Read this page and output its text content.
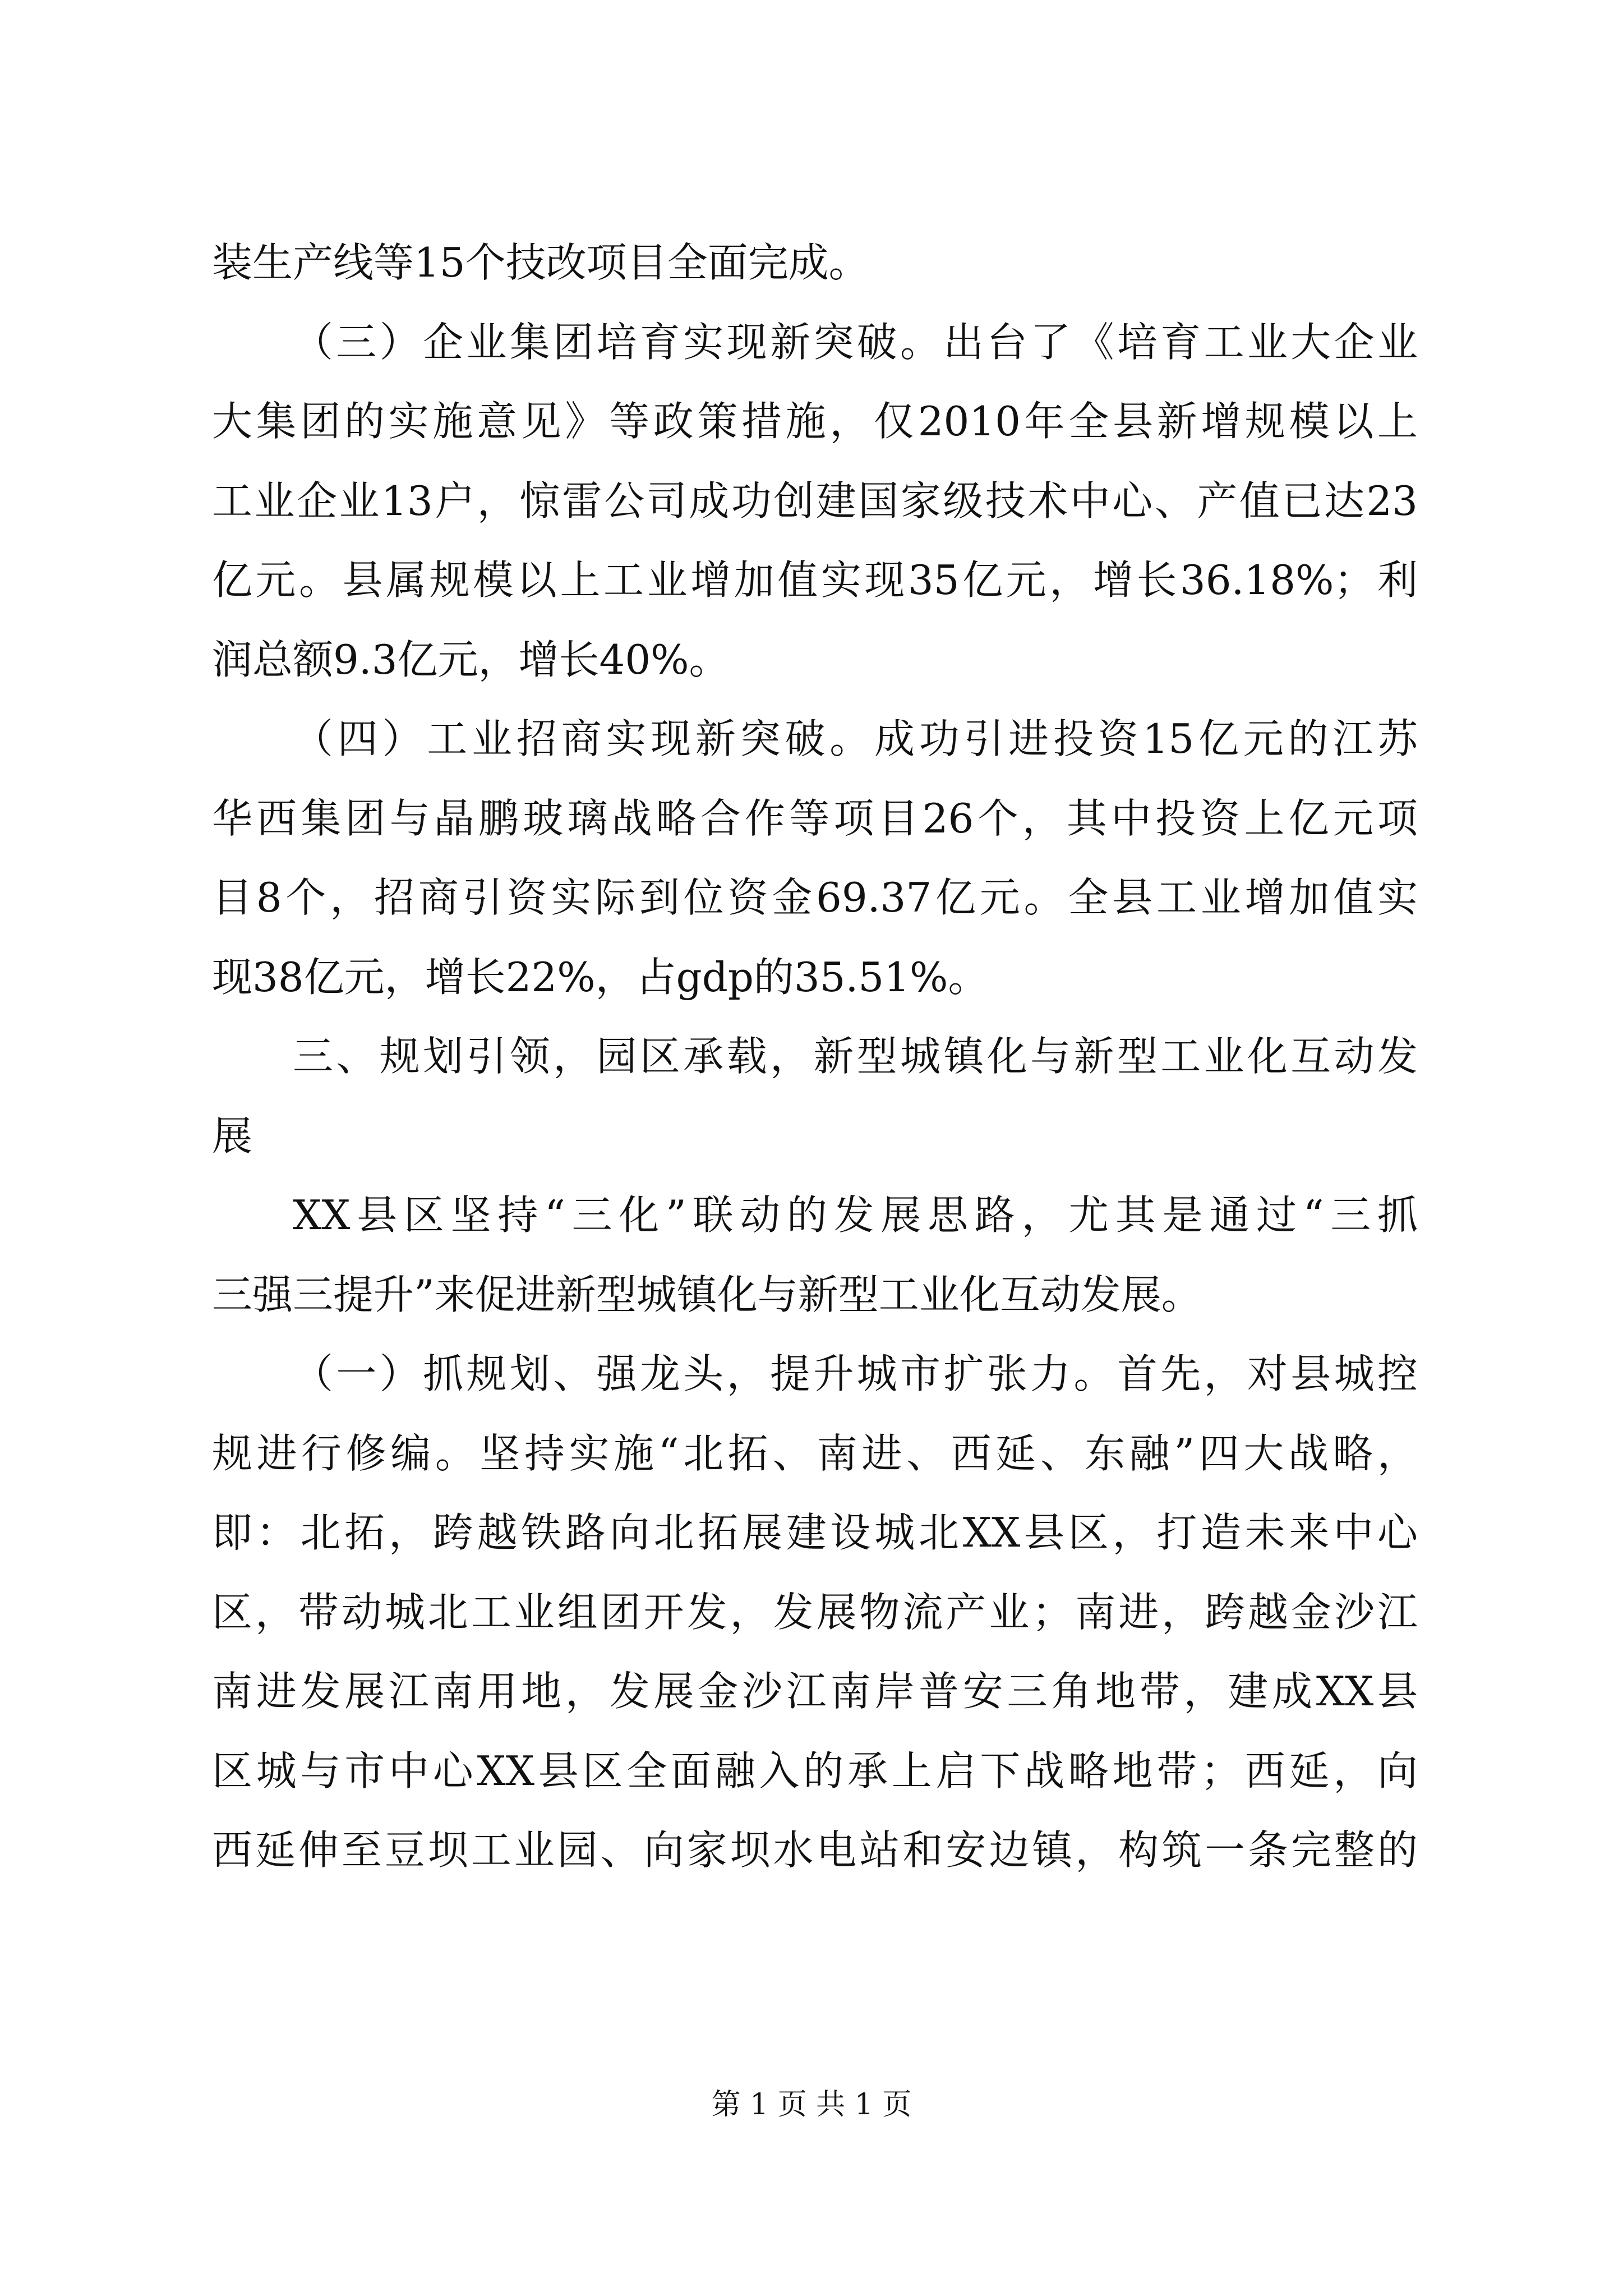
装生产线等15个技改项目全面完成。
（三）企业集团培育实现新突破。出台了《培育工业大企业
大集团的实施意见》等政策措施，仅2010年全县新增规模以上
工业企业13户，惊雷公司成功创建国家级技术中心、产值已达23
亿元。县属规模以上工业增加值实现35亿元，增长36.18%；利
润总额9.3亿元，增长40%。
（四）工业招商实现新突破。成功引进投资15亿元的江苏
华西集团与晶鹏玻璃战略合作等项目26个，其中投资上亿元项
目8个，招商引资实际到位资金69.37亿元。全县工业增加值实
现38亿元，增长22%，占gdp的35.51%。
三、规划引领，园区承载，新型城镇化与新型工业化互动发
展
XX县区坚持“三化”联动的发展思路，尤其是通过“三抓
三强三提升”来促进新型城镇化与新型工业化互动发展。
（一）抓规划、强龙头，提升城市扩张力。首先，对县城控
规进行修编。坚持实施“北拓、南进、西延、东融”四大战略，
即：北拓，跨越铁路向北拓展建设城北XX县区，打造未来中心
区，带动城北工业组团开发，发展物流产业；南进，跨越金沙江
南进发展江南用地，发展金沙江南岸普安三角地带，建成XX县
区城与市中心XX县区全面融入的承上启下战略地带；西延，向
西延伸至豆坝工业园、向家坝水电站和安边镇，构筑一条完整的
第 1 页 共 1 页
